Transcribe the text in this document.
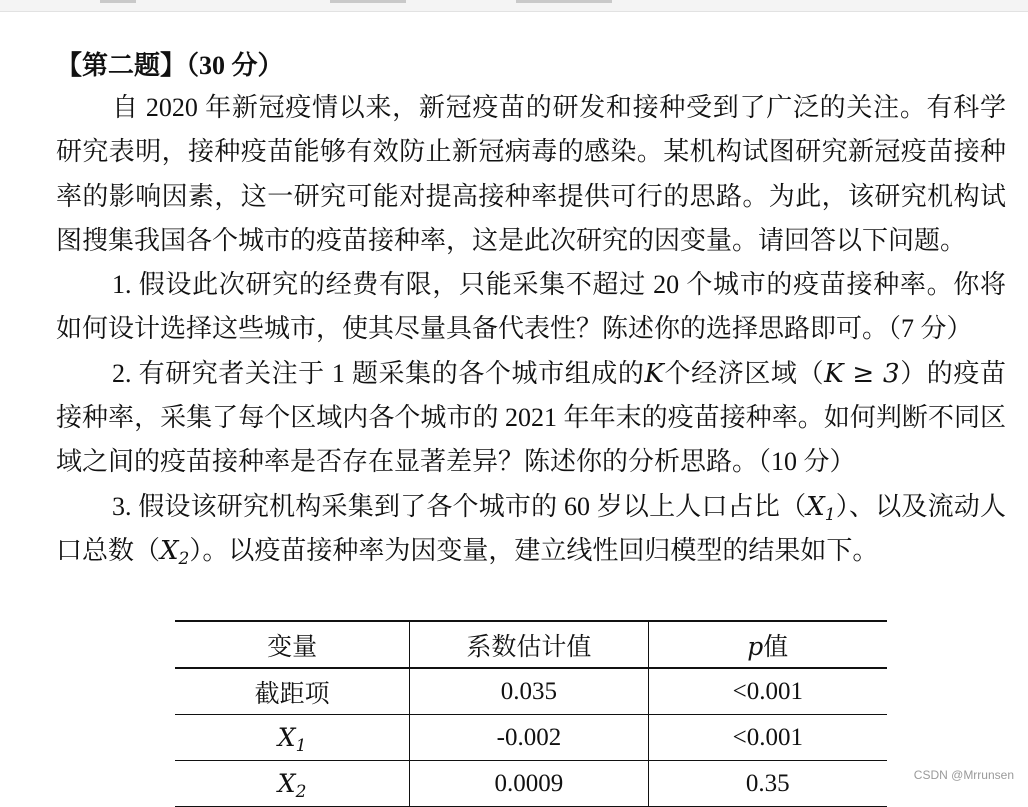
【第二题】（30 分）

自 2020 年新冠疫情以来，新冠疫苗的研发和接种受到了广泛的关注。有科学研究表明，接种疫苗能够有效防止新冠病毒的感染。某机构试图研究新冠疫苗接种率的影响因素，这一研究可能对提高接种率提供可行的思路。为此，该研究机构试图搜集我国各个城市的疫苗接种率，这是此次研究的因变量。请回答以下问题。

1. 假设此次研究的经费有限，只能采集不超过 20 个城市的疫苗接种率。你将如何设计选择这些城市，使其尽量具备代表性？陈述你的选择思路即可。（7 分）

2. 有研究者关注于 1 题采集的各个城市组成的K个经济区域（K ≥ 3）的疫苗接种率，采集了每个区域内各个城市的 2021 年年末的疫苗接种率。如何判断不同区域之间的疫苗接种率是否存在显著差异？陈述你的分析思路。（10 分）

3. 假设该研究机构采集到了各个城市的 60 岁以上人口占比$(X_1)$、以及流动人口总数$(X_2)$。以疫苗接种率为因变量，建立线性回归模型的结果如下。

变量	系数估计值	p值
截距项	0.035	<0.001
$X_1$	-0.002	<0.001
$X_2$	0.0009	0.35	CSDN @Mrrunsen
